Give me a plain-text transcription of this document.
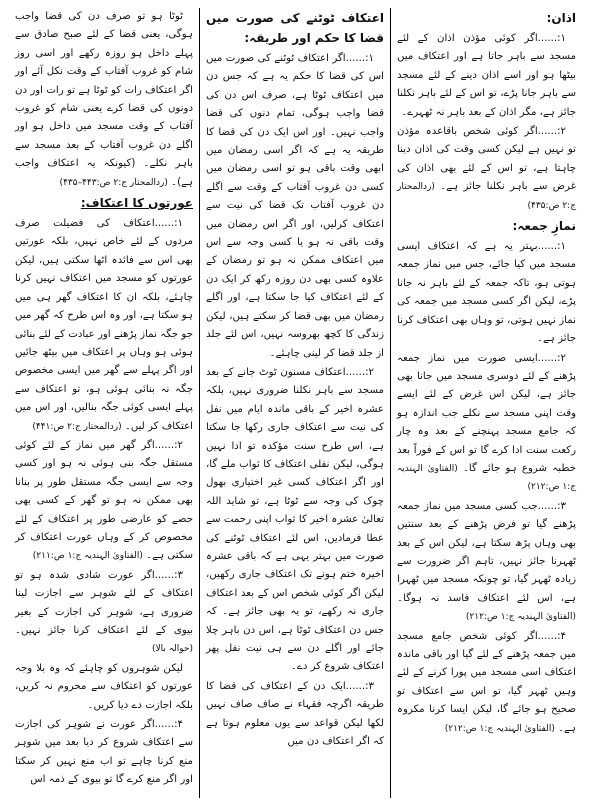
اذان:
۱:......اگر کوئی مؤذن اذان کے لئے مسجد سے باہر جاتا ہے اور اعتکاف میں بیٹھا ہو اور اسے اذان دینے کے لئے مسجد سے باہر جانا پڑے، تو اس کے لئے باہر نکلنا جائز ہے، مگر اذان کے بعد باہر نہ ٹھہرے۔
۲:......اگر کوئی شخص باقاعدہ مؤذن تو نہیں ہے لیکن کسی وقت کی اذان دینا چاہتا ہے، تو اس کے لئے بھی اذان کی غرض سے باہر نکلنا جائز ہے۔ (ردالمحتار ج:۲ ص:۴۳۵)
نمازِ جمعہ:
۱:......بہتر یہ ہے کہ اعتکاف ایسی مسجد میں کیا جائے، جس میں نماز جمعہ ہوتی ہو، تاکہ جمعہ کے لئے باہر نہ جانا پڑے، لیکن اگر کسی مسجد میں جمعہ کی نماز نہیں ہوتی، تو وہاں بھی اعتکاف کرنا جائز ہے۔
۲:......ایسی صورت میں نماز جمعہ پڑھنے کے لئے دوسری مسجد میں جانا بھی جائز ہے، لیکن اس غرض کے لئے ایسے وقت اپنی مسجد سے نکلے جب اندازہ ہو کہ جامع مسجد پہنچنے کے بعد وہ چار رکعت سنت ادا کرے گا تو اس کے فوراً بعد خطبہ شروع ہو جائے گا۔ (الفتاویٰ الہندیہ ج:۱ ص:۲۱۲)
۳:......جب کسی مسجد میں نماز جمعہ پڑھنے گیا تو فرض پڑھنے کے بعد سنتیں بھی وہاں پڑھ سکتا ہے، لیکن اس کے بعد ٹھہرنا جائز نہیں، تاہم اگر ضرورت سے زیادہ ٹھہر گیا، تو چونکہ مسجد میں ٹھہرا ہے، اس لئے اعتکاف فاسد نہ ہوگا۔ (الفتاویٰ الہندیہ ج:۱ ص:۲۱۲)
۴:......اگر کوئی شخص جامع مسجد میں جمعہ پڑھنے کے لئے گیا اور باقی ماندہ اعتکاف اسی مسجد میں پورا کرنے کے لئے وہیں ٹھہر گیا، تو اس سے اعتکاف تو صحیح ہو جائے گا، لیکن ایسا کرنا مکروہ ہے۔ (الفتاویٰ الہندیہ ج:۱ ص:۲۱۲)
اعتکاف ٹوٹنے کی صورت میں قضا کا حکم اور طریقہ:
۱:......اگر اعتکاف ٹوٹنے کی صورت میں اس کی قضا کا حکم یہ ہے کہ جس دن میں اعتکاف ٹوٹا ہے، صرف اس دن کی قضا واجب ہوگی، تمام دنوں کی قضا واجب نہیں۔ اور اس ایک دن کی قضا کا طریقہ یہ ہے کہ اگر اسی رمضان میں ابھی وقت باقی ہو تو اسی رمضان میں کسی دن غروب آفتاب کے وقت سے اگلے دن غروب آفتاب تک قضا کی نیت سے اعتکاف کرلیں، اور اگر اس رمضان میں وقت باقی نہ ہو یا کسی وجہ سے اس میں اعتکاف ممکن نہ ہو تو رمضان کے علاوہ کسی بھی دن روزہ رکھ کر ایک دن کے لئے اعتکاف کیا جا سکتا ہے، اور اگلے رمضان میں بھی قضا کر سکتے ہیں، لیکن زندگی کا کچھ بھروسہ نہیں، اس لئے جلد از جلد قضا کر لینی چاہئے۔
۲:......اعتکاف مسنون ٹوٹ جانے کے بعد مسجد سے باہر نکلنا ضروری نہیں، بلکہ عشرہ اخیر کے باقی ماندہ ایام میں نفل کی نیت سے اعتکاف جاری رکھا جا سکتا ہے، اس طرح سنت مؤکدہ تو ادا نہیں ہوگی، لیکن نفلی اعتکاف کا ثواب ملے گا، اور اگر اعتکاف کسی غیر اختیاری بھول چوک کی وجہ سے ٹوٹا ہے، تو شاید اللہ تعالیٰ عشرہ اخیر کا ثواب اپنی رحمت سے عطا فرمادیں، اس لئے اعتکاف ٹوٹنے کی صورت میں بہتر یہی ہے کہ باقی عشرہ اخیرہ ختم ہونے تک اعتکاف جاری رکھیں، لیکن اگر کوئی شخص اس کے بعد اعتکاف جاری نہ رکھے، تو یہ بھی جائز ہے۔ کہ جس دن اعتکاف ٹوٹا ہے، اس دن باہر چلا جائے اور اگلے دن سے ہی نیت نفل پھر اعتکاف شروع کر دے۔
۳:......ایک دن کے اعتکاف کی قضا کا طریقہ اگرچہ فقہاء نے صاف صاف نہیں لکھا لیکن قواعد سے یوں معلوم ہوتا ہے کہ اگر اعتکاف دن میں
ٹوٹا ہو تو صرف دن کی قضا واجب ہوگی، یعنی قضا کے لئے صبح صادق سے پہلے داخل ہو روزہ رکھے اور اسی روز شام کو غروب آفتاب کے وقت نکل آئے اور اگر اعتکاف رات کو ٹوٹا ہے تو رات اور دن دونوں کی قضا کرے یعنی شام کو غروب آفتاب کے وقت مسجد میں داخل ہو اور اگلے دن غروب آفتاب کے بعد مسجد سے باہر نکلے۔ (کیونکہ یہ اعتکاف واجب ہے)۔ (ردالمحتار ج:۲ ص:۴۴۳–۴۳۵)
عورتوں کا اعتکاف:
۱:......اعتکاف کی فضیلت صرف مردوں کے لئے خاص نہیں، بلکہ عورتیں بھی اس سے فائدہ اٹھا سکتی ہیں، لیکن عورتوں کو مسجد میں اعتکاف نہیں کرنا چاہئے، بلکہ ان کا اعتکاف گھر ہی میں ہو سکتا ہے، اور وہ اس طرح کہ گھر میں جو جگہ نماز پڑھنے اور عبادت کے لئے بنائی ہوئی ہو وہاں پر اعتکاف میں بیٹھ جائیں اور اگر پہلے سے گھر میں ایسی مخصوص جگہ نہ بنائی ہوئی ہو، تو اعتکاف سے پہلے ایسی کوئی جگہ بنالیں، اور اس میں اعتکاف کر لیں۔ (ردالمحتار ج:۲ ص:۴۴۱)
۲:......اگر گھر میں نماز کے لئے کوئی مستقل جگہ بنی ہوئی نہ ہو اور کسی وجہ سے ایسی جگہ مستقل طور پر بنانا بھی ممکن نہ ہو تو گھر کے کسی بھی حصے کو عارضی طور پر اعتکاف کے لئے مخصوص کر کے وہاں عورت اعتکاف کر سکتی ہے۔ (الفتاویٰ الہندیہ ج:۱ ص:۲۱۱)
۳:......اگر عورت شادی شدہ ہو تو اعتکاف کے لئے شوہر سے اجازت لینا ضروری ہے، شوہر کی اجازت کے بغیر بیوی کے لئے اعتکاف کرنا جائز نہیں۔ (حوالہ بالا)
لیکن شوہروں کو چاہئے کہ وہ بلا وجہ عورتوں کو اعتکاف سے محروم نہ کریں، بلکہ اجازت دے دیا کریں۔
۴:......اگر عورت نے شوہر کی اجازت سے اعتکاف شروع کر دیا بعد میں شوہر منع کرنا چاہے تو اب منع نہیں کر سکتا اور اگر منع کرے گا تو بیوی کے ذمہ اس
